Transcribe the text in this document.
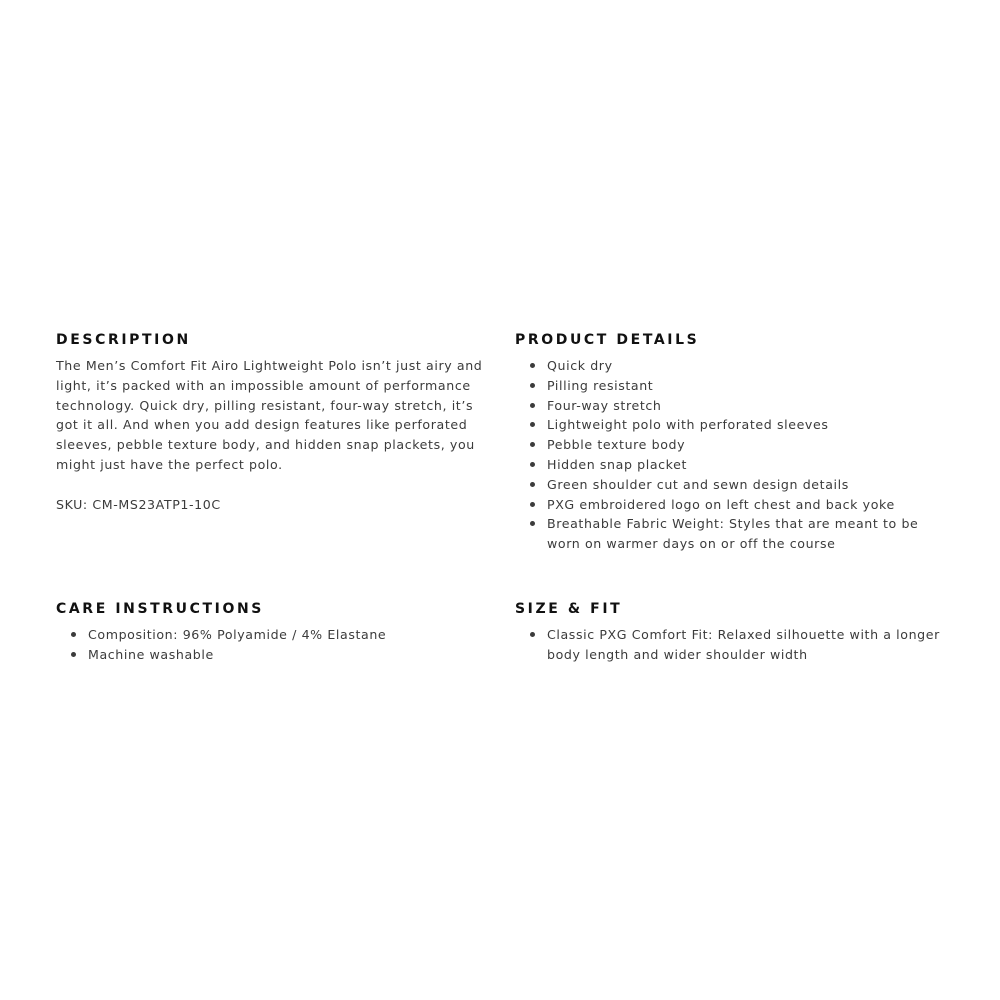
DESCRIPTION

The Men’s Comfort Fit Airo Lightweight Polo isn’t just airy and light, it’s packed with an impossible amount of performance technology. Quick dry, pilling resistant, four-way stretch, it’s got it all. And when you add design features like perforated sleeves, pebble texture body, and hidden snap plackets, you might just have the perfect polo.

SKU: CM-MS23ATP1-10C

PRODUCT DETAILS
Quick dry
Pilling resistant
Four-way stretch
Lightweight polo with perforated sleeves
Pebble texture body
Hidden snap placket
Green shoulder cut and sewn design details
PXG embroidered logo on left chest and back yoke
Breathable Fabric Weight: Styles that are meant to be worn on warmer days on or off the course
CARE INSTRUCTIONS
Composition: 96% Polyamide / 4% Elastane
Machine washable
SIZE & FIT
Classic PXG Comfort Fit: Relaxed silhouette with a longer body length and wider shoulder width
